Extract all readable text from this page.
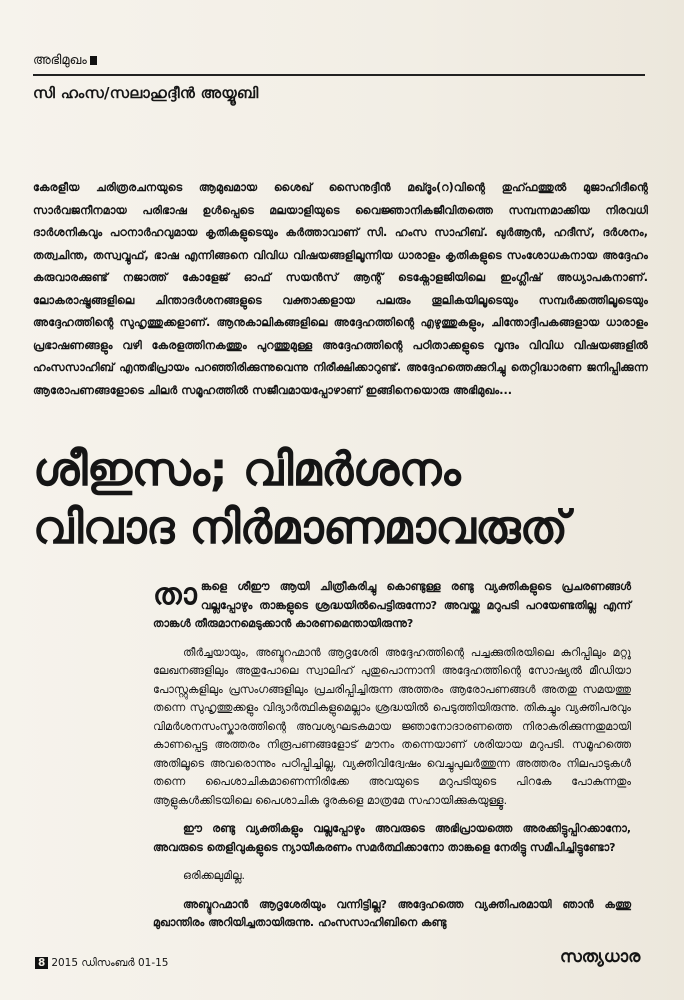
അഭിമുഖം
സി ഹംസ/സലാഹുദ്ദീൻ അയ്യൂബി

കേരളീയ ചരിത്രരചനയുടെ ആമുഖമായ ശൈഖ് സൈനുദ്ദീൻ മഖ്ദൂം(റ)വിന്റെ തുഹ്ഫത്തുൽ മുജാഹിദീന്റെ സാർവജനീനമായ പരിഭാഷ ഉൾപ്പെടെ മലയാളിയുടെ വൈജ്ഞാനികജീവിതത്തെ സമ്പന്നമാക്കിയ നിരവധി ദാർശനികവും പഠനാർഹവുമായ കൃതികളുടെയും കർത്താവാണ് സി. ഹംസ സാഹിബ്. ഖുർആൻ, ഹദീസ്, ദർശനം, തത്വചിന്ത, തസ്വവ്വുഫ്, ഭാഷ എന്നിങ്ങനെ വിവിധ വിഷയങ്ങളിലൂന്നിയ ധാരാളം കൃതികളുടെ സംശോധകനായ അദ്ദേഹം കരുവാരക്കുണ്ട് നജാത്ത് കോളേജ് ഓഫ് സയൻസ് ആന്റ് ടെക്നോളജിയിലെ ഇംഗ്ലീഷ് അധ്യാപകനാണ്. ലോകരാഷ്ട്രങ്ങളിലെ ചിന്താദർശനങ്ങളുടെ വക്താക്കളായ പലരും തൂലികയിലൂടെയും സമ്പർക്കത്തിലൂടെയും അദ്ദേഹത്തിന്റെ സുഹൃത്തുക്കളാണ്. ആനുകാലികങ്ങളിലെ അദ്ദേഹത്തിന്റെ എഴുത്തുകളും, ചിന്തോദ്ദീപകങ്ങളായ ധാരാളം പ്രഭാഷണങ്ങളും വഴി കേരളത്തിനകത്തും പുറത്തുമുള്ള അദ്ദേഹത്തിന്റെ പഠിതാക്കളുടെ വൃന്ദം വിവിധ വിഷയങ്ങളിൽ ഹംസസാഹിബ് എന്തഭിപ്രായം പറഞ്ഞിരിക്കുന്നുവെന്നു നിരീക്ഷിക്കാറുണ്ട്. അദ്ദേഹത്തെക്കുറിച്ചു തെറ്റിദ്ധാരണ ജനിപ്പിക്കുന്ന ആരോപണങ്ങളോടെ ചിലർ സമൂഹത്തിൽ സജീവമായപ്പോഴാണ് ഇങ്ങിനെയൊരു അഭിമുഖം...

ശീഇസം; വിമർശനം
വിവാദ നിർമാണമാവരുത്

താങ്കളെ ശീഈ ആയി ചിത്രീകരിച്ചു കൊണ്ടുള്ള രണ്ടു വ്യക്തികളുടെ പ്രചരണങ്ങൾ വല്ലപ്പോഴും താങ്കളുടെ ശ്രദ്ധയിൽപെട്ടിരുന്നോ? അവയ്ക്കു മറുപടി പറയേണ്ടതില്ല എന്ന് താങ്കൾ തീരുമാനമെടുക്കാൻ കാരണമെന്തായിരുന്നു?

തീർച്ചയായും, അബ്ദുറഹ്മാൻ ആദൃശേരി അദ്ദേഹത്തിന്റെ പച്ചക്കുതിരയിലെ കുറിപ്പിലും മറ്റു ലേഖനങ്ങളിലും അതുപോലെ സ്വാലിഹ് പുതുപൊന്നാനി അദ്ദേഹത്തിന്റെ സോഷ്യൽ മീഡിയാ പോസ്റ്റുകളിലും പ്രസംഗങ്ങളിലും പ്രചരിപ്പിച്ചിരുന്ന അത്തരം ആരോപണങ്ങൾ അതതു സമയത്തു തന്നെ സുഹൃത്തുക്കളും വിദ്യാർത്ഥികളുമെല്ലാം ശ്രദ്ധയിൽ പെടുത്തിയിരുന്നു. തികച്ചും വ്യക്തിപരവും വിമർശനസംസ്കാരത്തിന്റെ അവശ്യഘടകമായ ജ്ഞാനോദാരണത്തെ നിരാകരിക്കുന്നതുമായി കാണപ്പെട്ട അത്തരം നിരൂപണങ്ങളോട് മൗനം തന്നെയാണ് ശരിയായ മറുപടി. സമൂഹത്തെ അതിലൂടെ അവരൊന്നും പഠിപ്പിച്ചില്ല, വ്യക്തിവിദ്വേഷം വെച്ചുപുലർത്തുന്ന അത്തരം നിലപാടുകൾ തന്നെ പൈശാചികമാണെന്നിരിക്കേ അവയുടെ മറുപടിയുടെ പിറകേ പോകുന്നതും ആളുകൾക്കിടയിലെ പൈശാചിക ദൂരകളെ മാത്രമേ സഹായിക്കുകയുള്ളൂ.

ഈ രണ്ടു വ്യക്തികളും വല്ലപ്പോഴും അവരുടെ അഭിപ്രായത്തെ അരക്കിട്ടുപ്പിറക്കാനോ, അവരുടെ തെളിവുകളുടെ ന്യായീകരണം സമർത്ഥിക്കാനോ താങ്കളെ നേരിട്ടു സമീപിച്ചിട്ടുണ്ടോ?

ഒരിക്കലുമില്ല.

അബ്ദുറഹ്മാൻ ആദൃശേരിയും വന്നിട്ടില്ല? അദ്ദേഹത്തെ വ്യക്തിപരമായി ഞാൻ കത്തു മുഖാന്തിരം അറിയിച്ചതായിരുന്നു. ഹംസസാഹിബിനെ കണ്ടു

8 2015 ഡിസംബർ 01-15	സത്യധാര
